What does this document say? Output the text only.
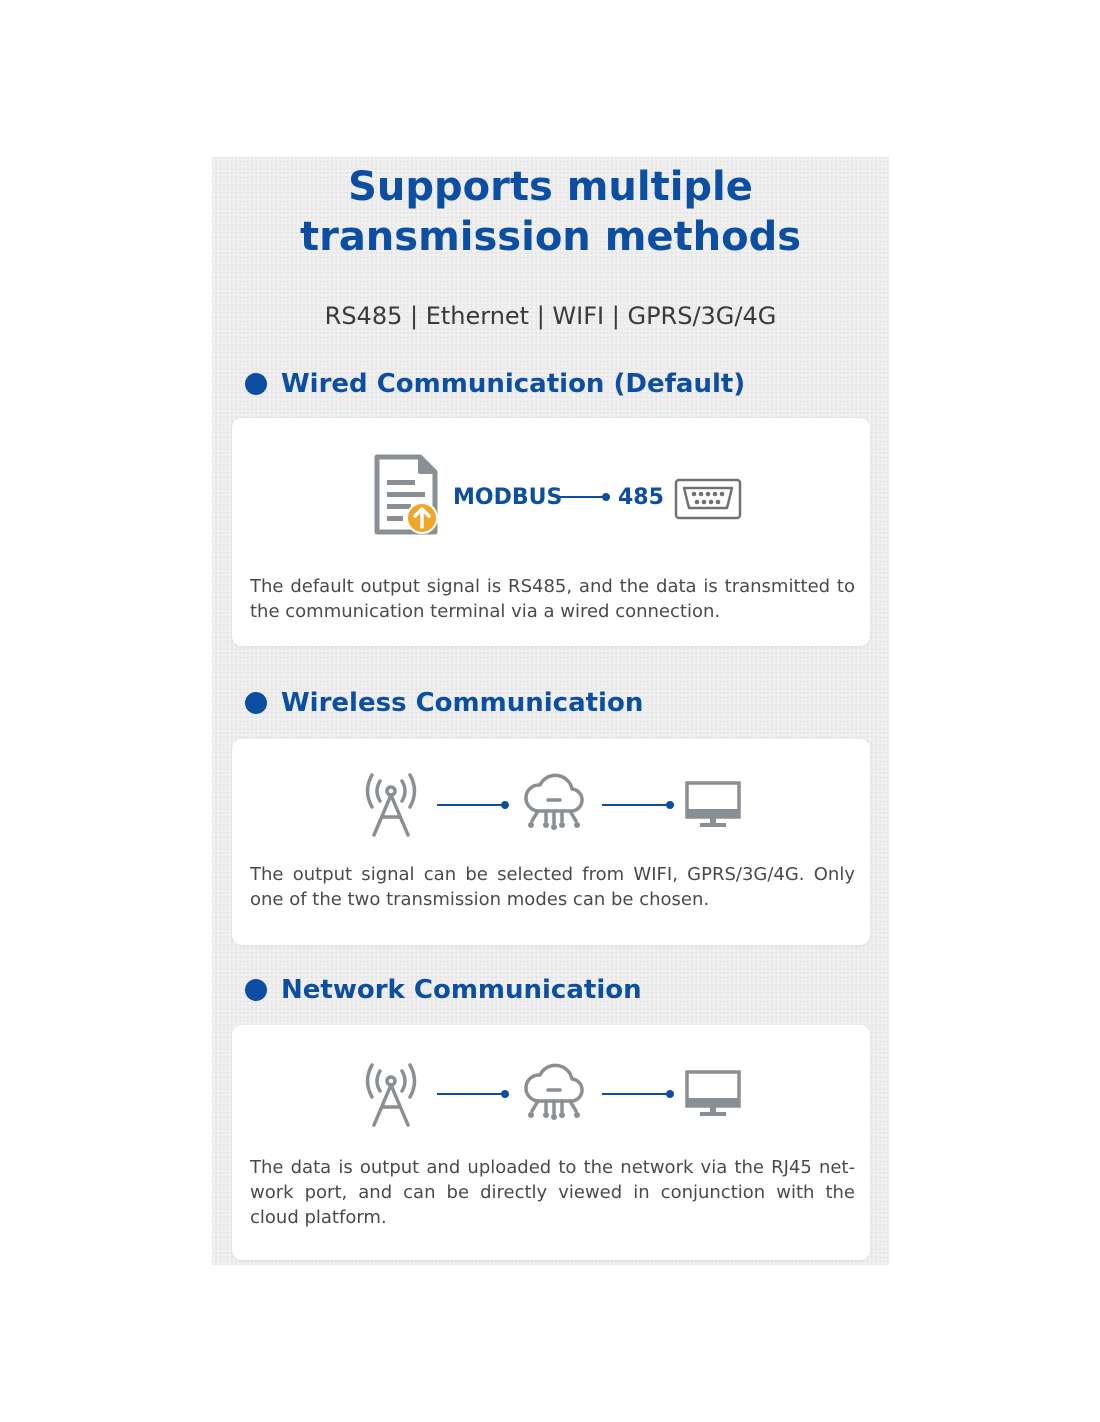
Supports multiple
transmission methods

RS485 | Ethernet | WIFI | GPRS/3G/4G

Wired Communication (Default)
MODBUS	485

The default output signal is RS485, and the data is transmitted to the communication terminal via a wired connection.

Wireless Communication

The output signal can be selected from WIFI, GPRS/3G/4G. Only one of the two transmission modes can be chosen.

Network Communication

The data is output and uploaded to the network via the RJ45 net-work port, and can be directly viewed in conjunction with the cloud platform.
